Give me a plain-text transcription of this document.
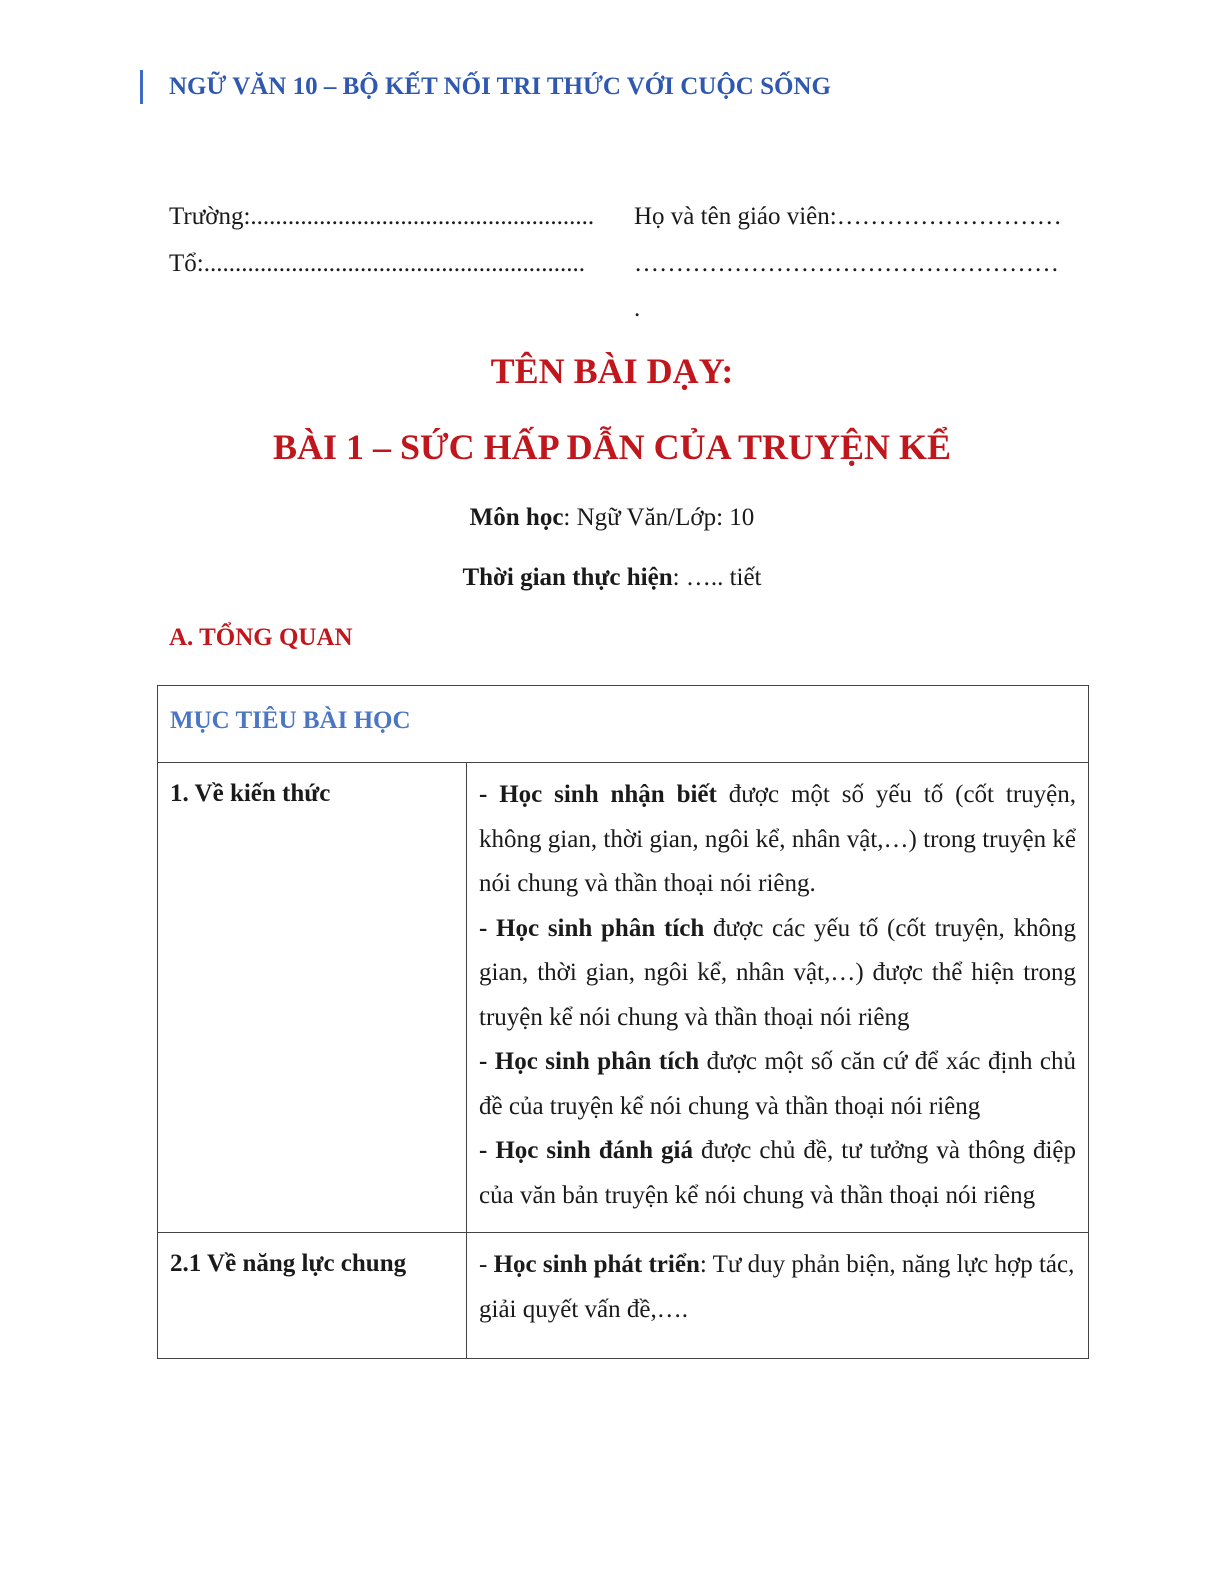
NGỮ VĂN 10 – BỘ KẾT NỐI TRI THỨC VỚI CUỘC SỐNG
Trường:.......................................................
Tổ:.............................................................
Họ và tên giáo viên:………………………
……………………………………………
.
TÊN BÀI DẠY:
BÀI 1 – SỨC HẤP DẪN CỦA TRUYỆN KỂ
Môn học: Ngữ Văn/Lớp: 10
Thời gian thực hiện: ….. tiết
A. TỔNG QUAN
MỤC TIÊU BÀI HỌC	
1. Về kiến thức	- Học sinh nhận biết được một số yếu tố (cốt truyện, không gian, thời gian, ngôi kể, nhân vật,…) trong truyện kể nói chung và thần thoại nói riêng.

- Học sinh phân tích được các yếu tố (cốt truyện, không gian, thời gian, ngôi kể, nhân vật,…) được thể hiện trong truyện kể nói chung và thần thoại nói riêng

- Học sinh phân tích được một số căn cứ để xác định chủ đề của truyện kể nói chung và thần thoại nói riêng

- Học sinh đánh giá được chủ đề, tư tưởng và thông điệp của văn bản truyện kể nói chung và thần thoại nói riêng

2.1 Về năng lực chung	- Học sinh phát triển: Tư duy phản biện, năng lực hợp tác, giải quyết vấn đề,….
